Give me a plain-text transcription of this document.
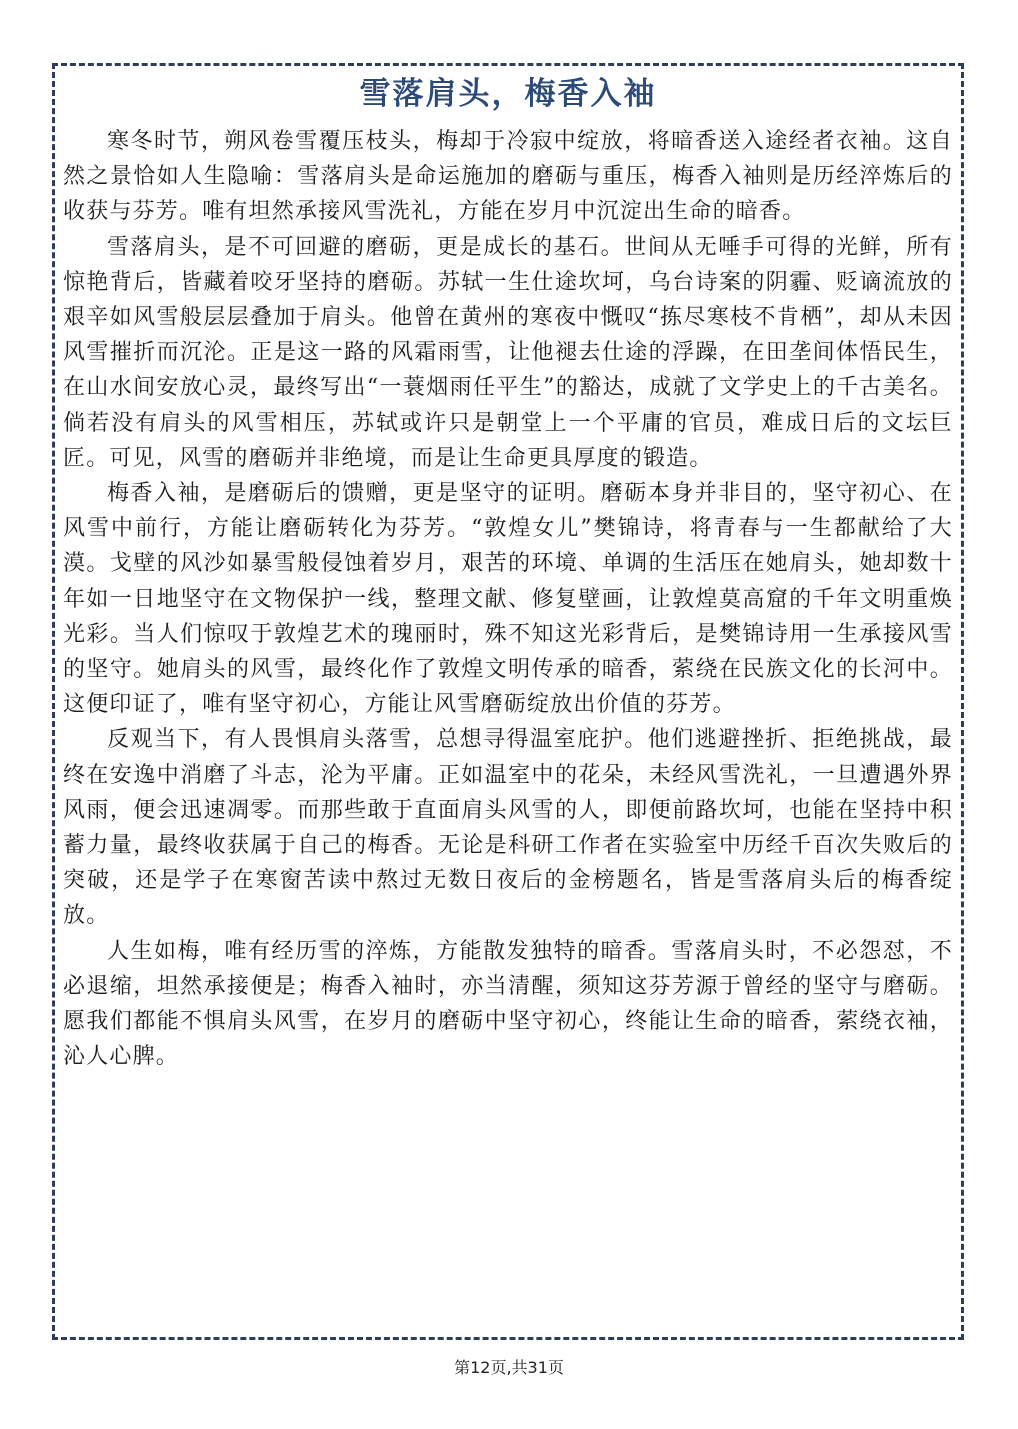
雪落肩头，梅香入袖

寒冬时节，朔风卷雪覆压枝头，梅却于冷寂中绽放，将暗香送入途经者衣袖。这自然之景恰如人生隐喻：雪落肩头是命运施加的磨砺与重压，梅香入袖则是历经淬炼后的收获与芬芳。唯有坦然承接风雪洗礼，方能在岁月中沉淀出生命的暗香。

雪落肩头，是不可回避的磨砺，更是成长的基石。世间从无唾手可得的光鲜，所有惊艳背后，皆藏着咬牙坚持的磨砺。苏轼一生仕途坎坷，乌台诗案的阴霾、贬谪流放的艰辛如风雪般层层叠加于肩头。他曾在黄州的寒夜中慨叹“拣尽寒枝不肯栖”，却从未因风雪摧折而沉沦。正是这一路的风霜雨雪，让他褪去仕途的浮躁，在田垄间体悟民生，在山水间安放心灵，最终写出“一蓑烟雨任平生”的豁达，成就了文学史上的千古美名。倘若没有肩头的风雪相压，苏轼或许只是朝堂上一个平庸的官员，难成日后的文坛巨匠。可见，风雪的磨砺并非绝境，而是让生命更具厚度的锻造。

梅香入袖，是磨砺后的馈赠，更是坚守的证明。磨砺本身并非目的，坚守初心、在风雪中前行，方能让磨砺转化为芬芳。“敦煌女儿”樊锦诗，将青春与一生都献给了大漠。戈壁的风沙如暴雪般侵蚀着岁月，艰苦的环境、单调的生活压在她肩头，她却数十年如一日地坚守在文物保护一线，整理文献、修复壁画，让敦煌莫高窟的千年文明重焕光彩。当人们惊叹于敦煌艺术的瑰丽时，殊不知这光彩背后，是樊锦诗用一生承接风雪的坚守。她肩头的风雪，最终化作了敦煌文明传承的暗香，萦绕在民族文化的长河中。这便印证了，唯有坚守初心，方能让风雪磨砺绽放出价值的芬芳。

反观当下，有人畏惧肩头落雪，总想寻得温室庇护。他们逃避挫折、拒绝挑战，最终在安逸中消磨了斗志，沦为平庸。正如温室中的花朵，未经风雪洗礼，一旦遭遇外界风雨，便会迅速凋零。而那些敢于直面肩头风雪的人，即便前路坎坷，也能在坚持中积蓄力量，最终收获属于自己的梅香。无论是科研工作者在实验室中历经千百次失败后的突破，还是学子在寒窗苦读中熬过无数日夜后的金榜题名，皆是雪落肩头后的梅香绽放。

人生如梅，唯有经历雪的淬炼，方能散发独特的暗香。雪落肩头时，不必怨怼，不必退缩，坦然承接便是；梅香入袖时，亦当清醒，须知这芬芳源于曾经的坚守与磨砺。愿我们都能不惧肩头风雪，在岁月的磨砺中坚守初心，终能让生命的暗香，萦绕衣袖，沁人心脾。

第12页,共31页
